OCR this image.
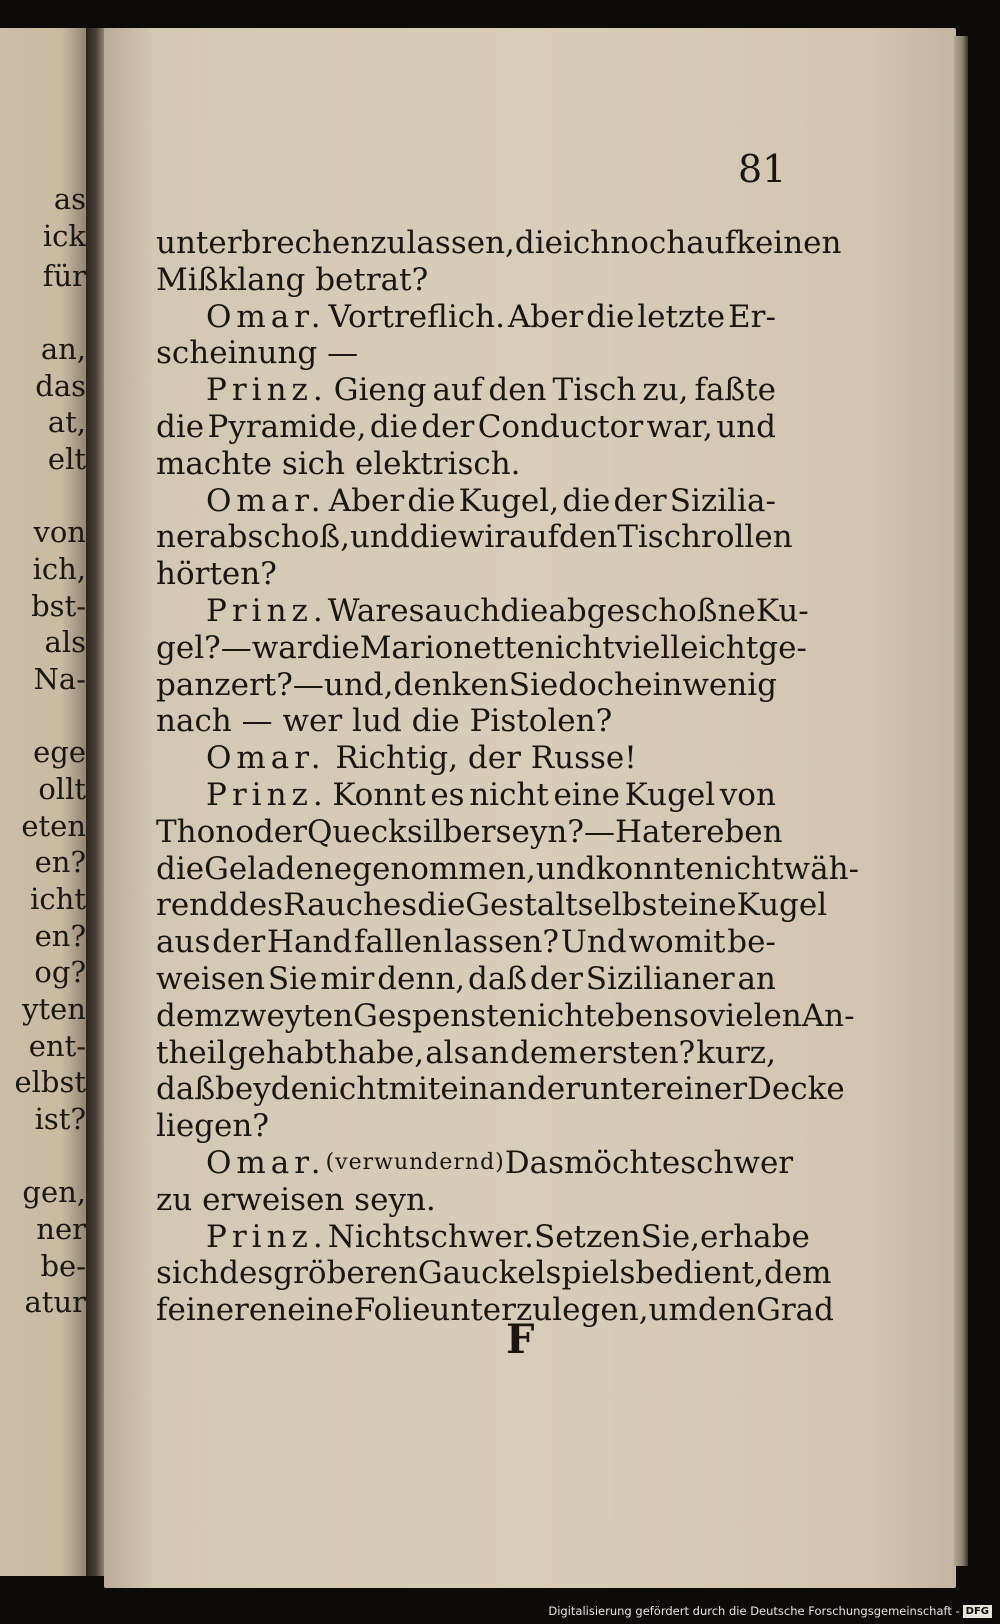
as
ick
für
an,
das
at,
elt
von
ich,
bst-
als
Na-
ege
ollt
eten
en?
icht
en?
og?
yten
ent-
elbst
ist?
gen,
ner
be-
atur

81

unterbrechen zu lassen, die ich noch auf keinen
Mißklang betrat?
Omar. Vortreflich. Aber die letzte Er-
scheinung —
Prinz. Gieng auf den Tisch zu, faßte
die Pyramide, die der Conductor war, und
machte sich elektrisch.
Omar. Aber die Kugel, die der Sizilia-
ner abschoß, und die wir auf den Tisch rollen
hörten?
Prinz. War es auch die abgeschoßne Ku-
gel? — war die Marionette nicht vielleicht ge-
panzert? — und, denken Sie doch ein wenig
nach — wer lud die Pistolen?
Omar. Richtig, der Russe!
Prinz. Konnt es nicht eine Kugel von
Thon oder Quecksilber seyn? — Hat er eben
die Geladene genommen, und konnte nicht wäh-
rend des Rauches die Gestalt selbst eine Kugel
aus der Hand fallen lassen? Und womit be-
weisen Sie mir denn, daß der Sizilianer an
dem zweyten Gespenste nicht eben so vielen An-
theil gehabt habe, als an dem ersten? kurz,
daß beyde nicht miteinander unter einer Decke
liegen?
Omar. (verwundernd) Das möchte schwer
zu erweisen seyn.
Prinz. Nicht schwer. Setzen Sie, er habe
sich des gröberen Gauckelspiels bedient, dem
feineren eine Folie unterzulegen, um den Grad

F

Digitalisierung gefördert durch die Deutsche Forschungsgemeinschaft - DFG
